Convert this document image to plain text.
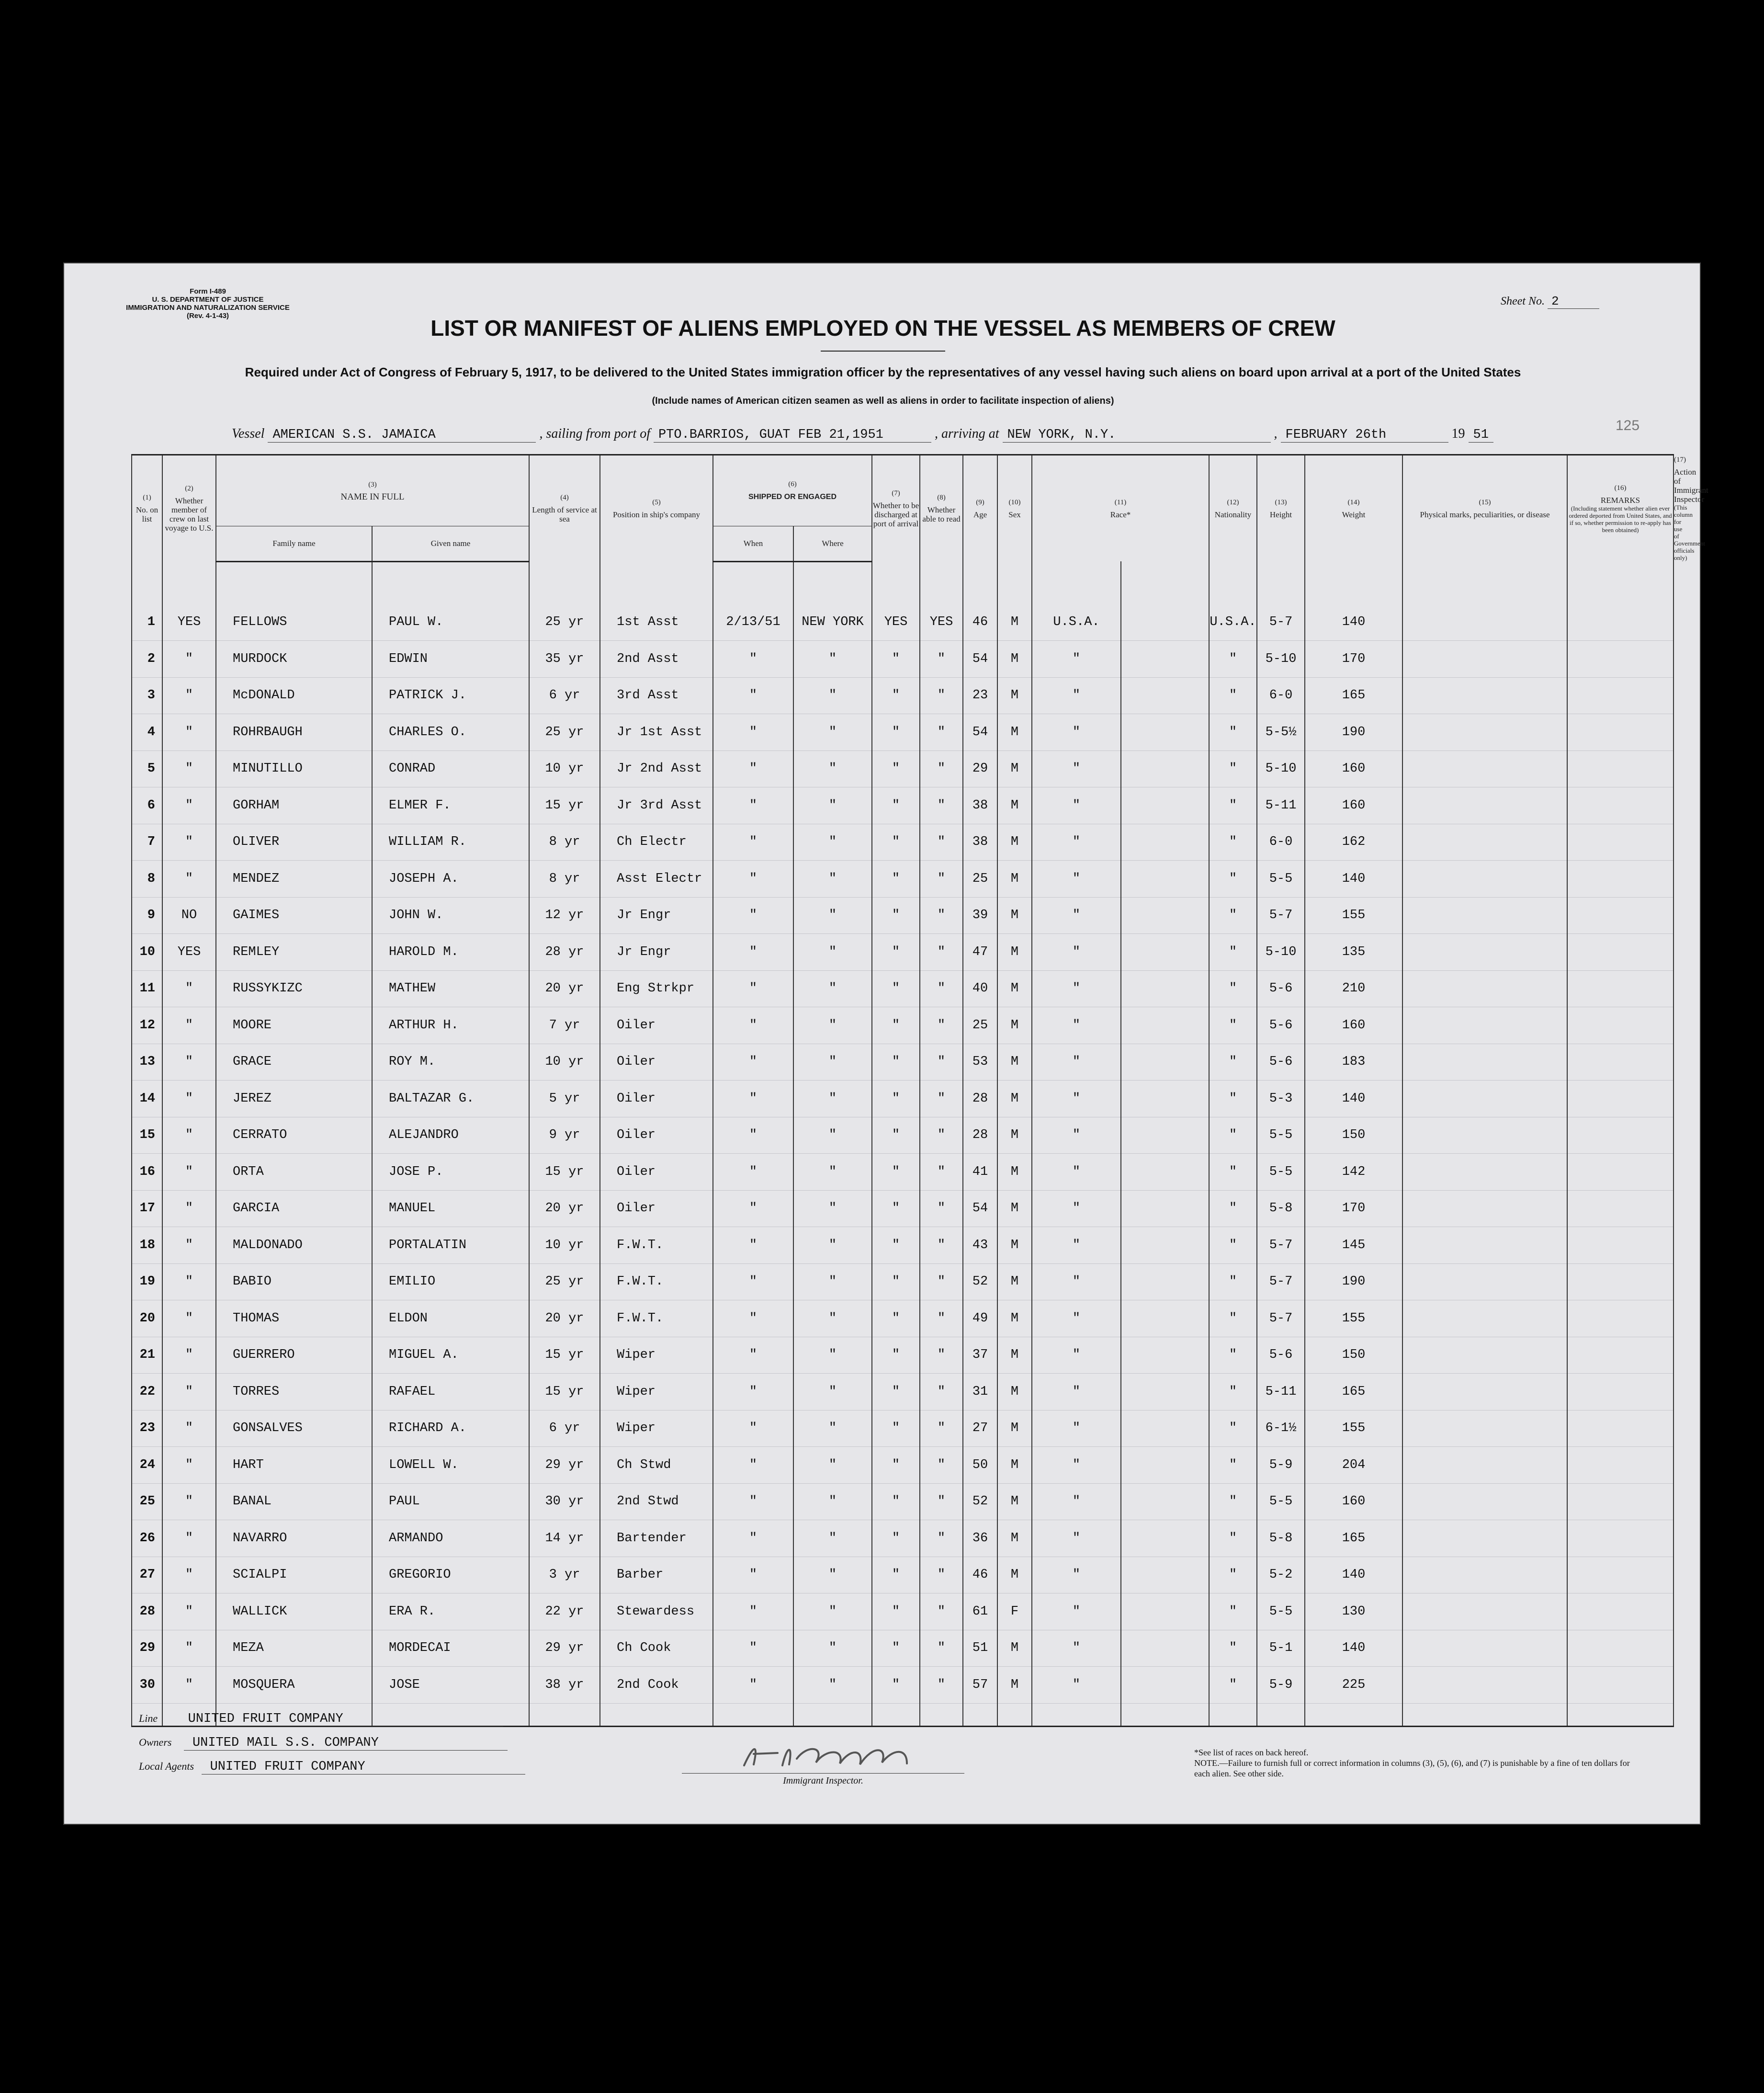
Form I-489
U. S. DEPARTMENT OF JUSTICE
IMMIGRATION AND NATURALIZATION SERVICE
(Rev. 4-1-43)
Sheet No. 2
125
LIST OR MANIFEST OF ALIENS EMPLOYED ON THE VESSEL AS MEMBERS OF CREW
Required under Act of Congress of February 5, 1917, to be delivered to the United States immigration officer by the representatives of any vessel having such aliens on board upon arrival at a port of the United States
(Include names of American citizen seamen as well as aliens in order to facilitate inspection of aliens)
Vessel AMERICAN S.S. JAMAICA	, sailing from port of PTO.BARRIOS, GUAT FEB 21,1951	, arriving at NEW YORK, N.Y.	, FEBRUARY 26th	19 51
(1)
No. on list	(2)
Whether member of crew on last voyage to U.S.	(3)
NAME IN FULL		(4)
Length of service at sea	(5)
Position in ship's company	(6)
SHIPPED OR ENGAGED		(7)
Whether to be discharged at port of arrival	(8)
Whether able to read	(9)
Age	(10)
Sex	(11)
Race*		(12)
Nationality	(13)
Height	(14)
Weight	(15)
Physical marks, peculiarities, or disease	(16)
REMARKS
(Including statement whether alien ever ordered deported from United States, and if so, whether permission to re-apply has been obtained)	(17)
Action of Immigrant Inspector
(This column for use of Government officials only)

		Family name	Given name			When	Where												

1	YES	FELLOWS	PAUL W.	25 yr	1st Asst	2/13/51	NEW YORK	YES	YES	46	M	U.S.A.		U.S.A.	5-7	140			
2	"	MURDOCK	EDWIN	35 yr	2nd Asst	"	"	"	"	54	M	"		"	5-10	170			
3	"	McDONALD	PATRICK J.	6 yr	3rd Asst	"	"	"	"	23	M	"		"	6-0	165			
4	"	ROHRBAUGH	CHARLES O.	25 yr	Jr 1st Asst	"	"	"	"	54	M	"		"	5-5½	190			
5	"	MINUTILLO	CONRAD	10 yr	Jr 2nd Asst	"	"	"	"	29	M	"		"	5-10	160			
6	"	GORHAM	ELMER F.	15 yr	Jr 3rd Asst	"	"	"	"	38	M	"		"	5-11	160			
7	"	OLIVER	WILLIAM R.	8 yr	Ch Electr	"	"	"	"	38	M	"		"	6-0	162			
8	"	MENDEZ	JOSEPH A.	8 yr	Asst Electr	"	"	"	"	25	M	"		"	5-5	140			
9	NO	GAIMES	JOHN W.	12 yr	Jr Engr	"	"	"	"	39	M	"		"	5-7	155			
10	YES	REMLEY	HAROLD M.	28 yr	Jr Engr	"	"	"	"	47	M	"		"	5-10	135			
11	"	RUSSYKIZC	MATHEW	20 yr	Eng Strkpr	"	"	"	"	40	M	"		"	5-6	210			
12	"	MOORE	ARTHUR H.	7 yr	Oiler	"	"	"	"	25	M	"		"	5-6	160			
13	"	GRACE	ROY M.	10 yr	Oiler	"	"	"	"	53	M	"		"	5-6	183			
14	"	JEREZ	BALTAZAR G.	5 yr	Oiler	"	"	"	"	28	M	"		"	5-3	140			
15	"	CERRATO	ALEJANDRO	9 yr	Oiler	"	"	"	"	28	M	"		"	5-5	150			
16	"	ORTA	JOSE P.	15 yr	Oiler	"	"	"	"	41	M	"		"	5-5	142			
17	"	GARCIA	MANUEL	20 yr	Oiler	"	"	"	"	54	M	"		"	5-8	170			
18	"	MALDONADO	PORTALATIN	10 yr	F.W.T.	"	"	"	"	43	M	"		"	5-7	145			
19	"	BABIO	EMILIO	25 yr	F.W.T.	"	"	"	"	52	M	"		"	5-7	190			
20	"	THOMAS	ELDON	20 yr	F.W.T.	"	"	"	"	49	M	"		"	5-7	155			
21	"	GUERRERO	MIGUEL A.	15 yr	Wiper	"	"	"	"	37	M	"		"	5-6	150			
22	"	TORRES	RAFAEL	15 yr	Wiper	"	"	"	"	31	M	"		"	5-11	165			
23	"	GONSALVES	RICHARD A.	6 yr	Wiper	"	"	"	"	27	M	"		"	6-1½	155			
24	"	HART	LOWELL W.	29 yr	Ch Stwd	"	"	"	"	50	M	"		"	5-9	204			
25	"	BANAL	PAUL	30 yr	2nd Stwd	"	"	"	"	52	M	"		"	5-5	160			
26	"	NAVARRO	ARMANDO	14 yr	Bartender	"	"	"	"	36	M	"		"	5-8	165			
27	"	SCIALPI	GREGORIO	3 yr	Barber	"	"	"	"	46	M	"		"	5-2	140			
28	"	WALLICK	ERA R.	22 yr	Stewardess	"	"	"	"	61	F	"		"	5-5	130			
29	"	MEZA	MORDECAI	29 yr	Ch Cook	"	"	"	"	51	M	"		"	5-1	140			
30	"	MOSQUERA	JOSE	38 yr	2nd Cook	"	"	"	"	57	M	"		"	5-9	225			

Line UNITED FRUIT COMPANY
Owners UNITED MAIL S.S. COMPANY
Local Agents UNITED FRUIT COMPANY
Immigrant Inspector.
*See list of races on back hereof.
NOTE.—Failure to furnish full or correct information in columns (3), (5), (6), and (7) is punishable by a fine of ten dollars for each alien. See other side.
